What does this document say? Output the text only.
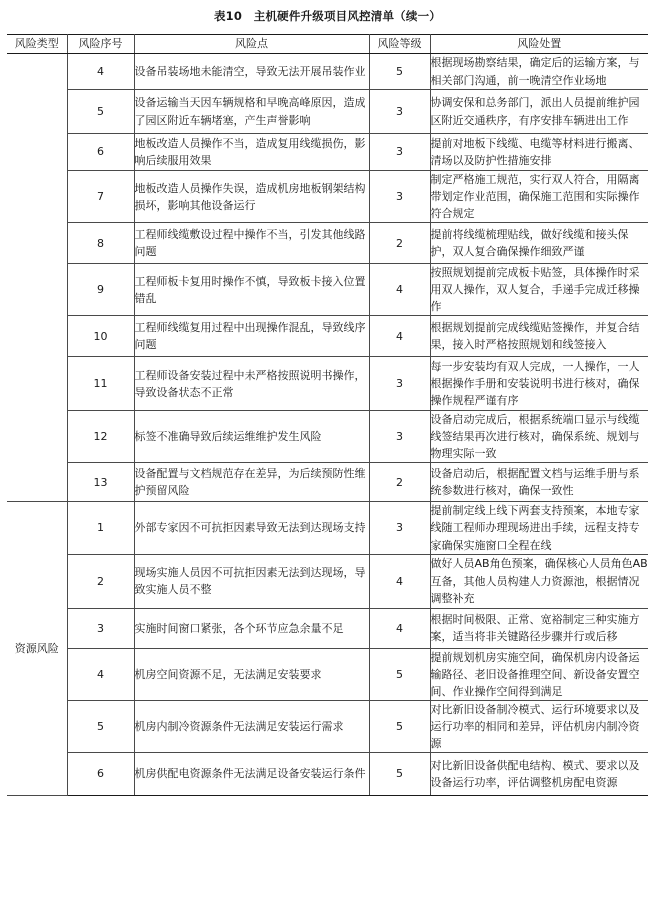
表10　主机硬件升级项目风控清单（续一）
风险类型	风险序号	风险点	风险等级	风险处置
	4	设备吊装场地未能清空，导致无法开展吊装作业	5	根据现场勘察结果，确定后的运输方案，与相关部门沟通，前一晚清空作业场地
	5	设备运输当天因车辆规格和早晚高峰原因，造成了园区附近车辆堵塞，产生声誉影响	3	协调安保和总务部门，派出人员提前维护园区附近交通秩序，有序安排车辆进出工作
	6	地板改造人员操作不当，造成复用线缆损伤，影响后续服用效果	3	提前对地板下线缆、电缆等材料进行搬离、清场以及防护性措施安排
	7	地板改造人员操作失误，造成机房地板钢架结构损坏，影响其他设备运行	3	制定严格施工规范，实行双人符合，用隔离带划定作业范围，确保施工范围和实际操作符合规定
	8	工程师线缆敷设过程中操作不当，引发其他线路问题	2	提前将线缆梳理贴线，做好线缆和接头保护，双人复合确保操作细致严谨
	9	工程师板卡复用时操作不慎，导致板卡接入位置错乱	4	按照规划提前完成板卡贴签，具体操作时采用双人操作，双人复合，手递手完成迁移操作
	10	工程师线缆复用过程中出现操作混乱，导致线序问题	4	根据规划提前完成线缆贴签操作，并复合结果，接入时严格按照规划和线签接入
	11	工程师设备安装过程中未严格按照说明书操作，导致设备状态不正常	3	每一步安装均有双人完成，一人操作，一人根据操作手册和安装说明书进行核对，确保操作规程严谨有序
	12	标签不准确导致后续运维维护发生风险	3	设备启动完成后，根据系统端口显示与线缆线签结果再次进行核对，确保系统、规划与物理实际一致
	13	设备配置与文档规范存在差异，为后续预防性维护预留风险	2	设备启动后，根据配置文档与运维手册与系统参数进行核对，确保一致性
资源风险	1	外部专家因不可抗拒因素导致无法到达现场支持	3	提前制定线上线下两套支持预案，本地专家线随工程师办理现场进出手续，远程支持专家确保实施窗口全程在线
	2	现场实施人员因不可抗拒因素无法到达现场，导致实施人员不整	4	做好人员AB角色预案，确保核心人员角色AB互备，其他人员构建人力资源池，根据情况调整补充
	3	实施时间窗口紧张，各个环节应急余量不足	4	根据时间极限、正常、宽裕制定三种实施方案，适当将非关键路径步骤并行或后移
	4	机房空间资源不足，无法满足安装要求	5	提前规划机房实施空间，确保机房内设备运输路径、老旧设备推理空间、新设备安置空间、作业操作空间得到满足
	5	机房内制冷资源条件无法满足安装运行需求	5	对比新旧设备制冷模式、运行环境要求以及运行功率的相同和差异，评估机房内制冷资源
	6	机房供配电资源条件无法满足设备安装运行条件	5	对比新旧设备供配电结构、模式、要求以及设备运行功率，评估调整机房配电资源
